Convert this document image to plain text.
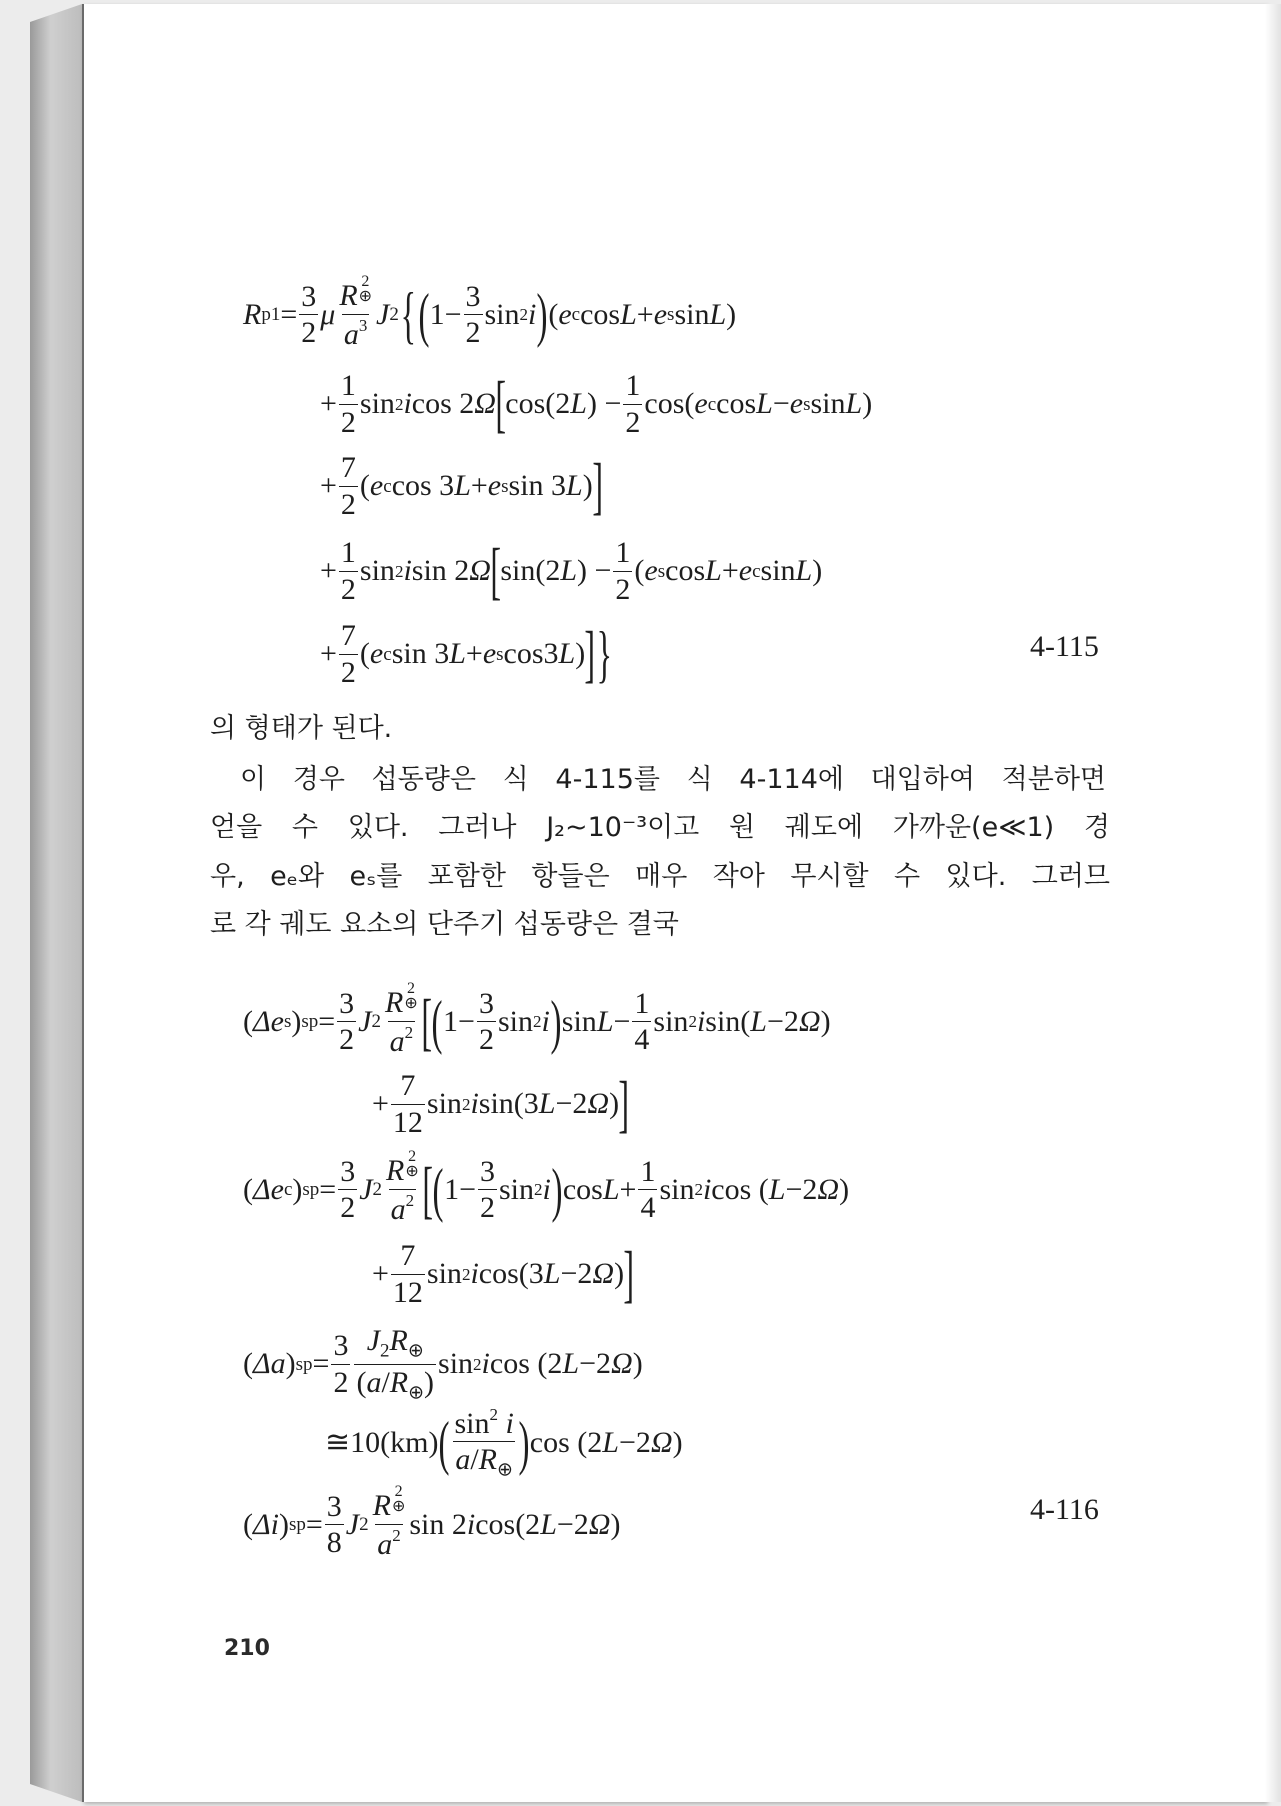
R $p1 = \frac{3}{2}$ μ R 2
⊕
$a^3$ J 2 { ( $1- \frac{3}{2}$ sin 2 i ) ( e c cos L + e s sin L )
+ $\frac{1}{2}$ sin 2 i cos 2 Ω [ cos(2 L ) − $\frac{1}{2} \cos$( e c cos L − e s sin L )
+ $\frac{7}{2}$ ( e c cos 3 L + e s sin 3 L ) ]
+ $\frac{1}{2}$ sin 2 i sin 2 Ω [ sin(2 L ) − $\frac{1}{2}$ ( e s cos L + e c sin L )
+ $\frac{7}{2}$ ( e c sin 3 L + e s cos3 L ) ] }	4-115
의 형태가 된다.
이 경우 섭동량은 식 4-115를 식 4-114에 대입하여 적분하면
얻을 수 있다. 그러나 J₂~10⁻³이고 원 궤도에 가까운(e≪1) 경
우, eₑ와 eₛ를 포함한 항들은 매우 작아 무시할 수 있다. 그러므
로 각 궤도 요소의 단주기 섭동량은 결국
( Δe s ) sp = $\frac{3}{2}$ J 2 R 2
⊕
$a^2$ [ ( $1- \frac{3}{2}$ sin 2 i ) $\sin L - \frac{1}{4}$ sin 2 i sin( L −2 Ω )
+ $\frac{7}{12}$ sin 2 i sin(3 L −2 Ω ) ]
( Δe c ) sp = $\frac{3}{2}$ J 2 R 2
⊕
$a^2$ [ ( $1- \frac{3}{2}$ sin 2 i ) $\cos L + \frac{1}{4}$ sin 2 i cos ( L −2 Ω )
+ $\frac{7}{12}$ sin 2 i cos(3 L −2 Ω ) ]
( Δa ) sp = $\frac{3}{2} \frac{J_2R_\oplus}{(a/R_\oplus)}$ sin 2 i cos (2 L −2 Ω )
≅10(km) ( $\frac{\sin^2 i}{a/R_\oplus}$ ) cos (2 L −2 Ω )
( Δi ) sp = $\frac{3}{8}$ J 2 R 2
⊕
$a^2$ sin 2 i cos(2 L −2 Ω )	4-116
210
